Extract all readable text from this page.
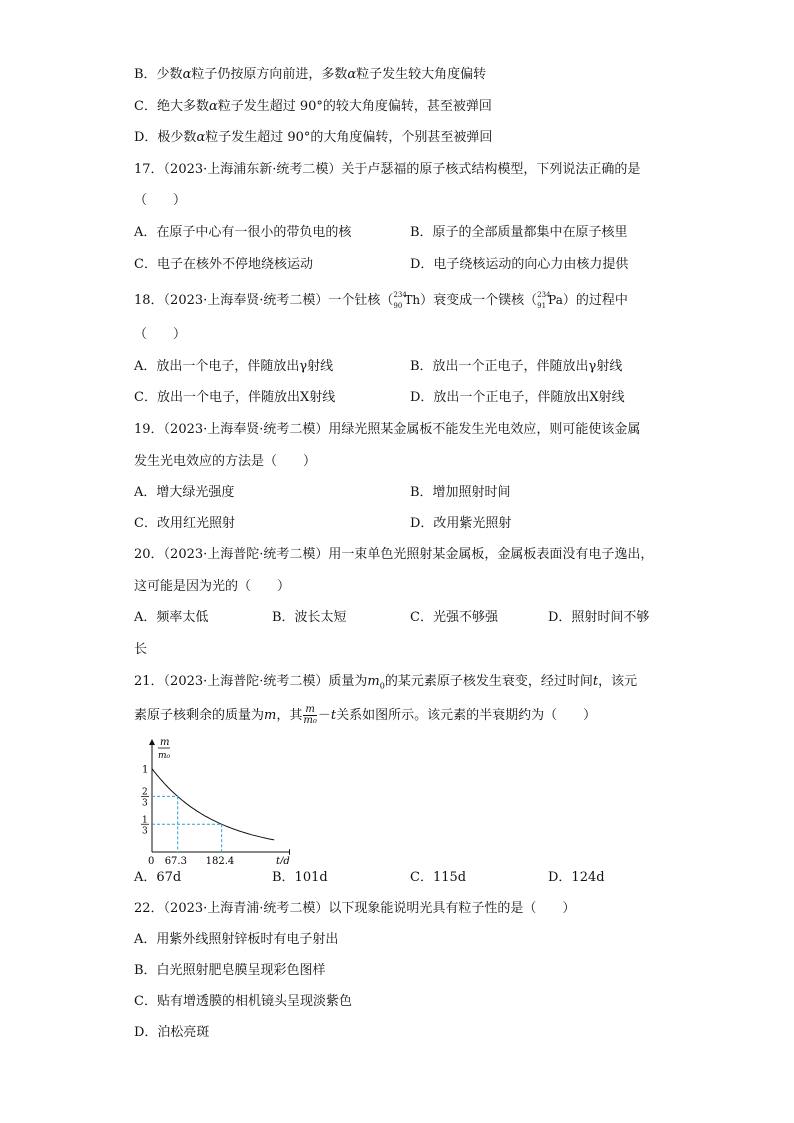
B．少数α粒子仍按原方向前进，多数α粒子发生较大角度偏转
C．绝大多数α粒子发生超过 90°的较大角度偏转，甚至被弹回
D．极少数α粒子发生超过 90°的大角度偏转，个别甚至被弹回
17．（2023·上海浦东新·统考二模）关于卢瑟福的原子核式结构模型，下列说法正确的是
（　　）
A．在原子中心有一很小的带负电的核	B．原子的全部质量都集中在原子核里
C．电子在核外不停地绕核运动	D．电子绕核运动的向心力由核力提供
18．（2023·上海奉贤·统考二模）一个钍核（ 234
90 Th）衰变成一个镤核（ 234
91 Pa）的过程中
（　　）
A．放出一个电子，伴随放出γ射线	B．放出一个正电子，伴随放出γ射线
C．放出一个电子，伴随放出X射线	D．放出一个正电子，伴随放出X射线
19．（2023·上海奉贤·统考二模）用绿光照某金属板不能发生光电效应，则可能使该金属
发生光电效应的方法是（　　）
A．增大绿光强度	B．增加照射时间
C．改用红光照射	D．改用紫光照射
20．（2023·上海普陀·统考二模）用一束单色光照射某金属板，金属板表面没有电子逸出，
这可能是因为光的（　　）
A．频率太低	B．波长太短	C．光强不够强	D．照射时间不够
长
21．（2023·上海普陀·统考二模）质量为$m_0$的某元素原子核发生衰变，经过时间t，该元
素原子核剩余的质量为m，其 $\frac{m}{\text{m₀}} -t$关系如图所示。该元素的半衰期约为（　　）
m
m₀
1
2
3
1
3
0 67.3 182.4	t/d
A．67d	B．101d	C．115d	D．124d
22．（2023·上海青浦·统考二模）以下现象能说明光具有粒子性的是（　　）
A．用紫外线照射锌板时有电子射出
B．白光照射肥皂膜呈现彩色图样
C．贴有增透膜的相机镜头呈现淡紫色
D．泊松亮斑
